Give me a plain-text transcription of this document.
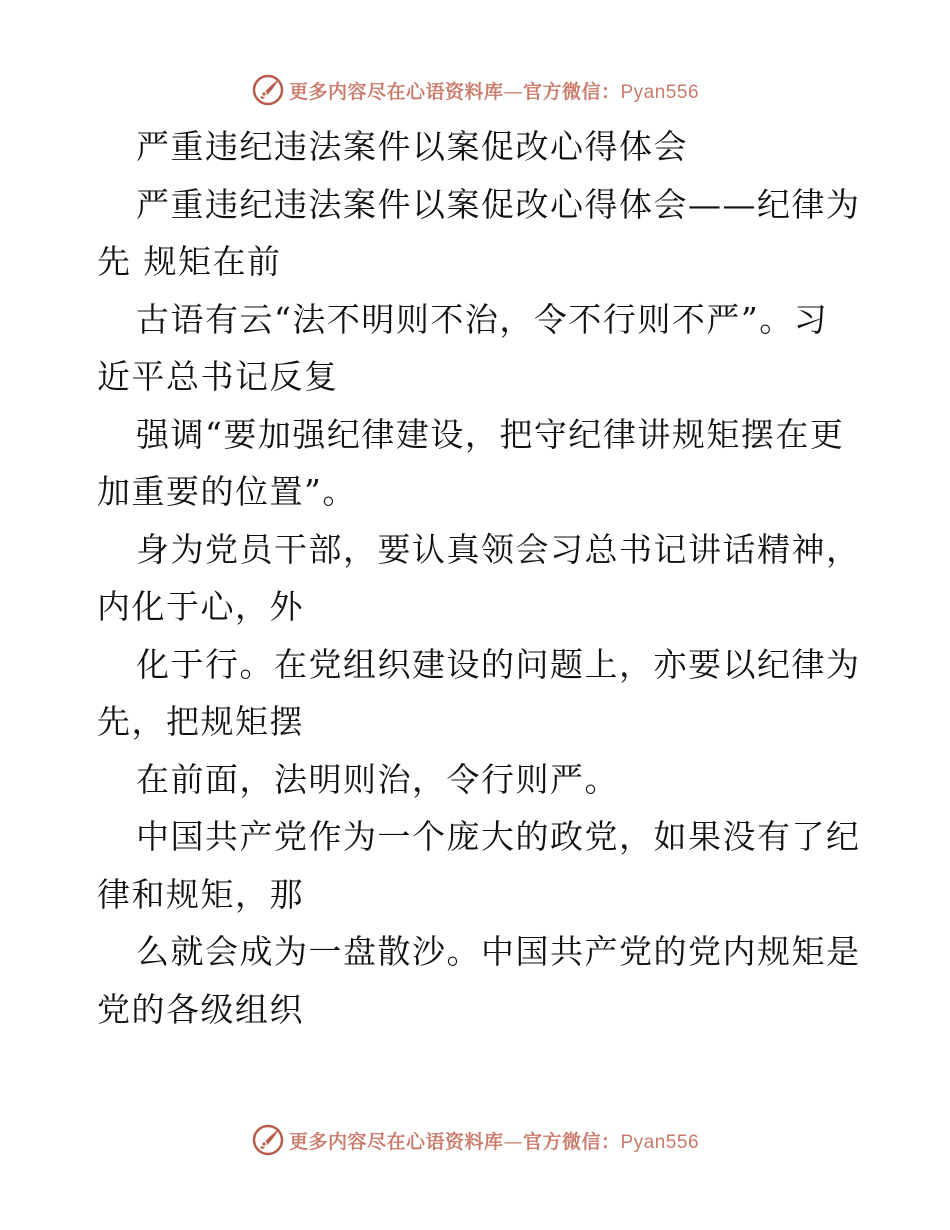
更多内容尽在心语资料库—官方微信：Pyan556
严重违纪违法案件以案促改心得体会
严重违纪违法案件以案促改心得体会——纪律为
先 规矩在前
古语有云“法不明则不治，令不行则不严”。习
近平总书记反复
强调“要加强纪律建设，把守纪律讲规矩摆在更
加重要的位置”。
身为党员干部，要认真领会习总书记讲话精神，
内化于心，外
化于行。在党组织建设的问题上，亦要以纪律为
先，把规矩摆
在前面，法明则治，令行则严。
中国共产党作为一个庞大的政党，如果没有了纪
律和规矩，那
么就会成为一盘散沙。中国共产党的党内规矩是
党的各级组织
更多内容尽在心语资料库—官方微信：Pyan556
